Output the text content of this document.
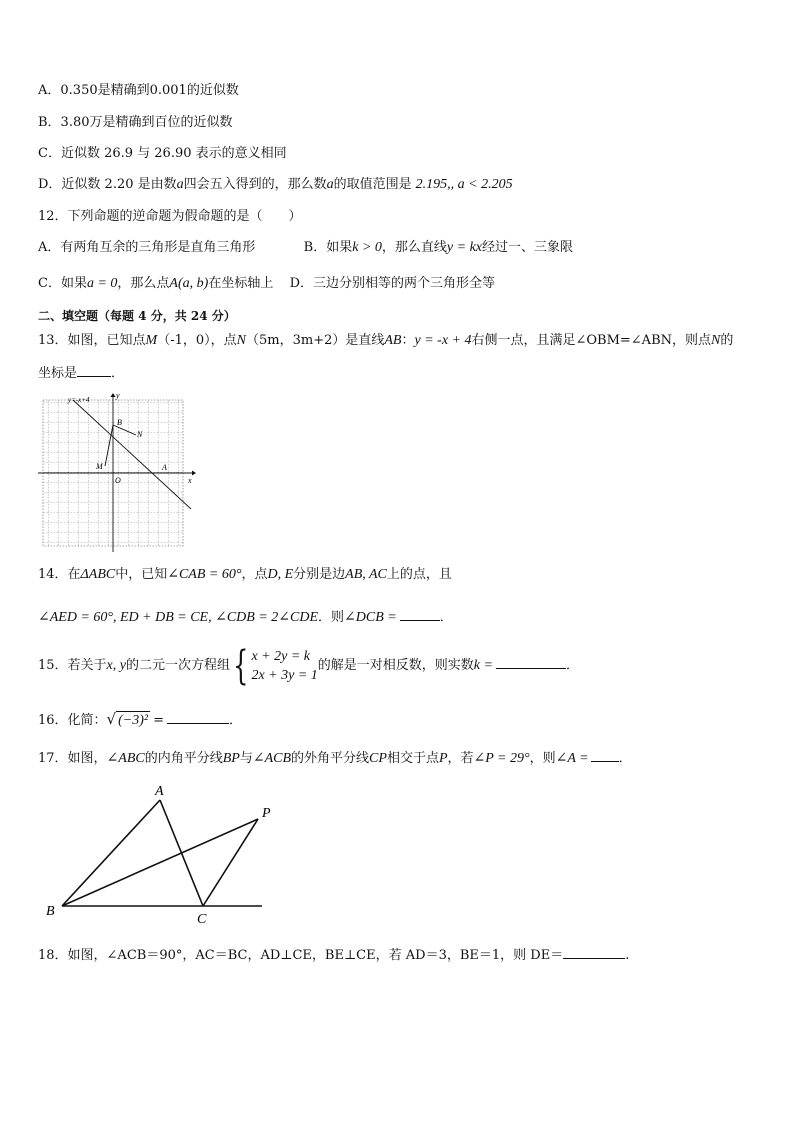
A．0.350是精确到0.001的近似数
B．3.80万是精确到百位的近似数
C．近似数 26.9 与 26.90 表示的意义相同
D．近似数 2.20 是由数a四会五入得到的，那么数a的取值范围是 2.195,, a < 2.205
12．下列命题的逆命题为假命题的是（　　）
A．有两角互余的三角形是直角三角形	B．如果k > 0，那么直线y = kx经过一、三象限
C．如果a = 0，那么点A(a, b)在坐标轴上 D．三边分别相等的两个三角形全等
二、填空题（每题 4 分，共 24 分）
13．如图，已知点M（-1，0），点N（5m，3m+2）是直线AB：y = -x + 4右侧一点，且满足∠OBM=∠ABN，则点N的
坐标是	．
y=-x+4	y
x
B
N
M
O
A
14．在ΔABC中，已知∠CAB = 60°，点D, E分别是边AB, AC上的点，且
∠AED = 60°, ED + DB = CE, ∠CDB = 2∠CDE．则∠DCB =	．
15．若关于x, y的二元一次方程组{ x + 2y = k
2x + 3y = 1
的解是一对相反数，则实数k =	．
16．化简：√ (−3)² =	．
17．如图，∠ABC的内角平分线BP与∠ACB的外角平分线CP相交于点P，若∠P = 29°，则∠A = ．
A
B
C
P
18．如图，∠ACB＝90°，AC＝BC，AD⊥CE，BE⊥CE，若 AD＝3，BE＝1，则 DE＝	.
